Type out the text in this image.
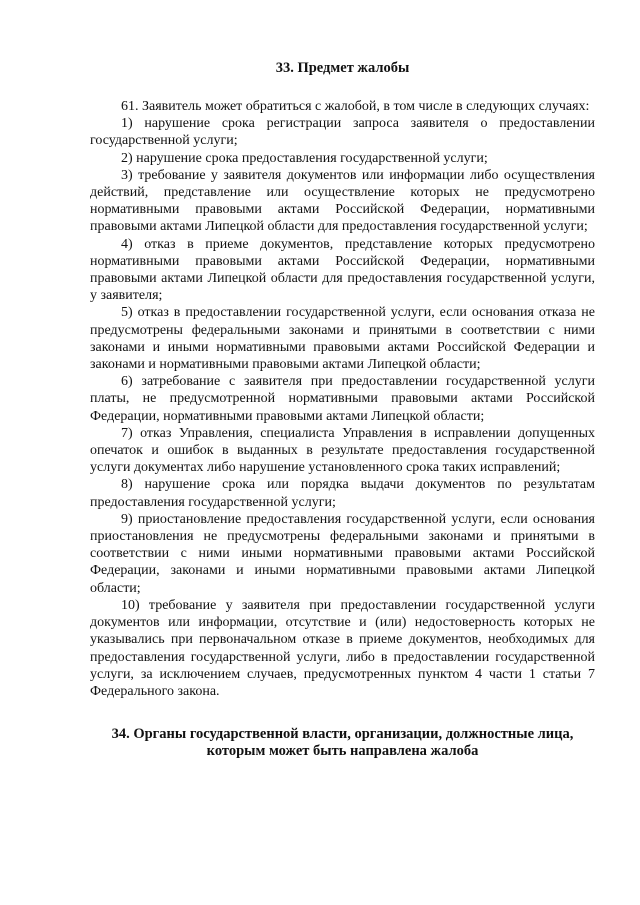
33. Предмет жалобы

61. Заявитель может обратиться с жалобой, в том числе в следующих случаях:

1) нарушение срока регистрации запроса заявителя о предоставлении государственной услуги;

2) нарушение срока предоставления государственной услуги;

3) требование у заявителя документов или информации либо осуществления действий, представление или осуществление которых не предусмотрено нормативными правовыми актами Российской Федерации, нормативными правовыми актами Липецкой области для предоставления государственной услуги;

4) отказ в приеме документов, представление которых предусмотрено нормативными правовыми актами Российской Федерации, нормативными правовыми актами Липецкой области для предоставления государственной услуги, у заявителя;

5) отказ в предоставлении государственной услуги, если основания отказа не предусмотрены федеральными законами и принятыми в соответствии с ними законами и иными нормативными правовыми актами Российской Федерации и законами и нормативными правовыми актами Липецкой области;

6) затребование с заявителя при предоставлении государственной услуги платы, не предусмотренной нормативными правовыми актами Российской Федерации, нормативными правовыми актами Липецкой области;

7) отказ Управления, специалиста Управления в исправлении допущенных опечаток и ошибок в выданных в результате предоставления государственной услуги документах либо нарушение установленного срока таких исправлений;

8) нарушение срока или порядка выдачи документов по результатам предоставления государственной услуги;

9) приостановление предоставления государственной услуги, если основания приостановления не предусмотрены федеральными законами и принятыми в соответствии с ними иными нормативными правовыми актами Российской Федерации, законами и иными нормативными правовыми актами Липецкой области;

10) требование у заявителя при предоставлении государственной услуги документов или информации, отсутствие и (или) недостоверность которых не указывались при первоначальном отказе в приеме документов, необходимых для предоставления государственной услуги, либо в предоставлении государственной услуги, за исключением случаев, предусмотренных пунктом 4 части 1 статьи 7 Федерального закона.

34. Органы государственной власти, организации, должностные лица,
которым может быть направлена жалоба
